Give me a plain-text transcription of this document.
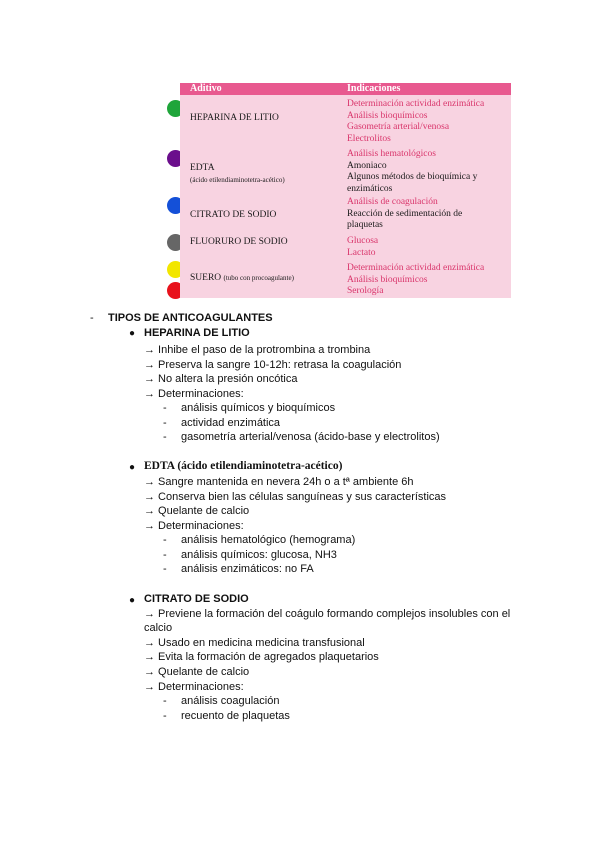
Aditivo	Indicaciones
HEPARINA DE LITIO
Determinación actividad enzimática
Análisis bioquímicos
Gasometría arterial/venosa
Electrolitos
EDTA
(ácido etilendiaminotetra-acético)
Análisis hematológicos
Amoniaco
Algunos métodos de bioquímica y
enzimáticos
CITRATO DE SODIO
Análisis de coagulación
Reacción de sedimentación de
plaquetas
FLUORURO DE SODIO	Glucosa
Lactato
SUERO (tubo con procoagulante)
Determinación actividad enzimática
Análisis bioquímicos
Serología
- TIPOS DE ANTICOAGULANTES
● HEPARINA DE LITIO
→ Inhibe el paso de la protrombina a trombina
→ Preserva la sangre 10-12h: retrasa la coagulación
→ No altera la presión oncótica
→ Determinaciones:
- análisis químicos y bioquímicos
- actividad enzimática
- gasometría arterial/venosa (ácido-base y electrolitos)
● EDTA (ácido etilendiaminotetra-acético)
→ Sangre mantenida en nevera 24h o a tª ambiente 6h
→ Conserva bien las células sanguíneas y sus características
→ Quelante de calcio
→ Determinaciones:
- análisis hematológico (hemograma)
- análisis químicos: glucosa, NH3
- análisis enzimáticos: no FA
● CITRATO DE SODIO
→ Previene la formación del coágulo formando complejos insolubles con el
calcio
→ Usado en medicina medicina transfusional
→ Evita la formación de agregados plaquetarios
→ Quelante de calcio
→ Determinaciones:
- análisis coagulación
- recuento de plaquetas
